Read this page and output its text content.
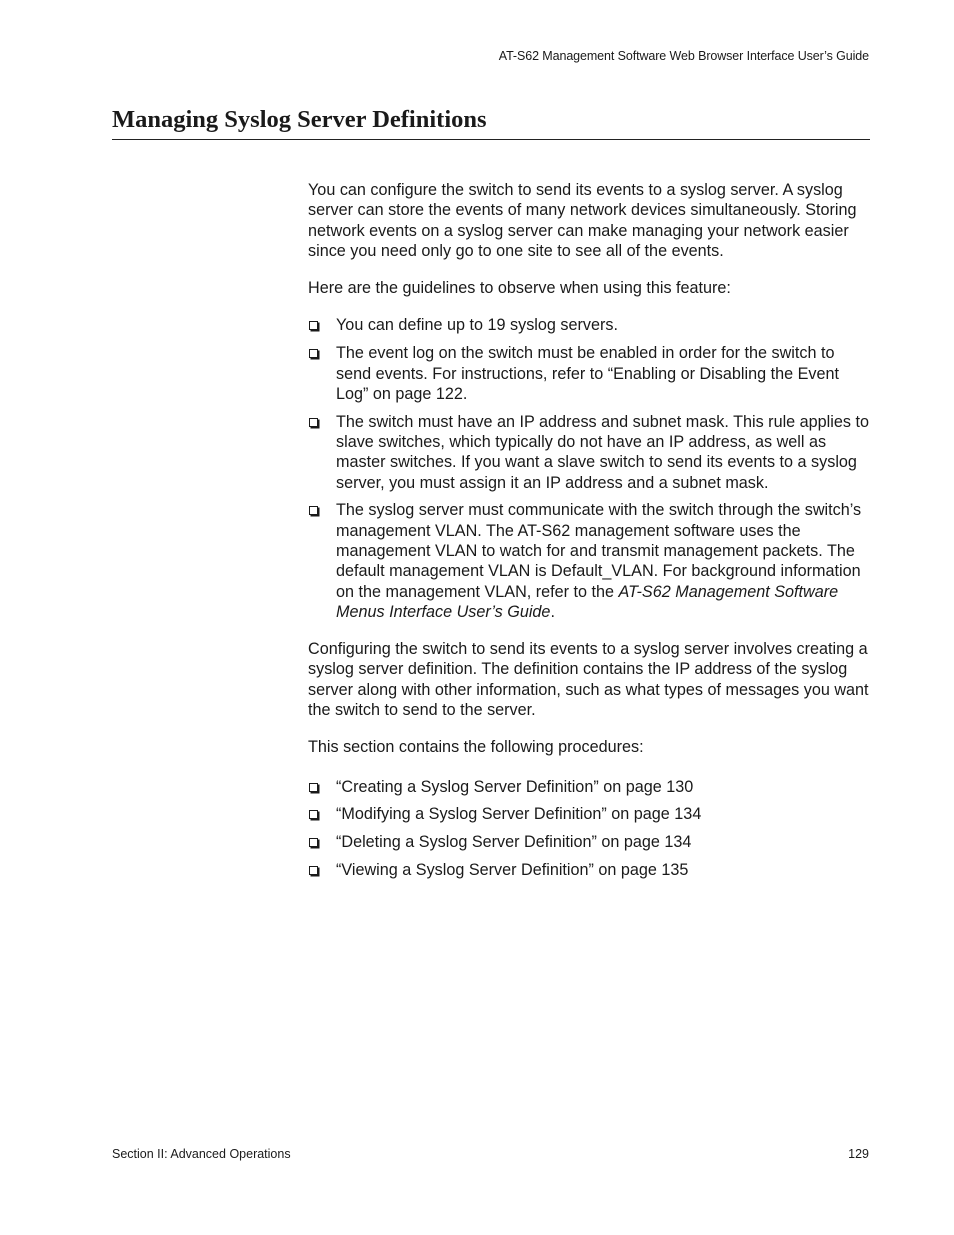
AT-S62 Management Software Web Browser Interface User’s Guide
Managing Syslog Server Definitions

You can configure the switch to send its events to a syslog server. A syslog server can store the events of many network devices simultaneously. Storing network events on a syslog server can make managing your network easier since you need only go to one site to see all of the events.

Here are the guidelines to observe when using this feature:

You can define up to 19 syslog servers.
The event log on the switch must be enabled in order for the switch to send events. For instructions, refer to “Enabling or Disabling the Event Log” on page 122.
The switch must have an IP address and subnet mask. This rule applies to slave switches, which typically do not have an IP address, as well as master switches. If you want a slave switch to send its events to a syslog server, you must assign it an IP address and a subnet mask.
The syslog server must communicate with the switch through the switch’s management VLAN. The AT-S62 management software uses the management VLAN to watch for and transmit management packets. The default management VLAN is Default_VLAN. For background information on the management VLAN, refer to the AT-S62 Management Software Menus Interface User’s Guide.

Configuring the switch to send its events to a syslog server involves creating a syslog server definition. The definition contains the IP address of the syslog server along with other information, such as what types of messages you want the switch to send to the server.

This section contains the following procedures:

“Creating a Syslog Server Definition” on page 130
“Modifying a Syslog Server Definition” on page 134
“Deleting a Syslog Server Definition” on page 134
“Viewing a Syslog Server Definition” on page 135
Section II: Advanced Operations	129
